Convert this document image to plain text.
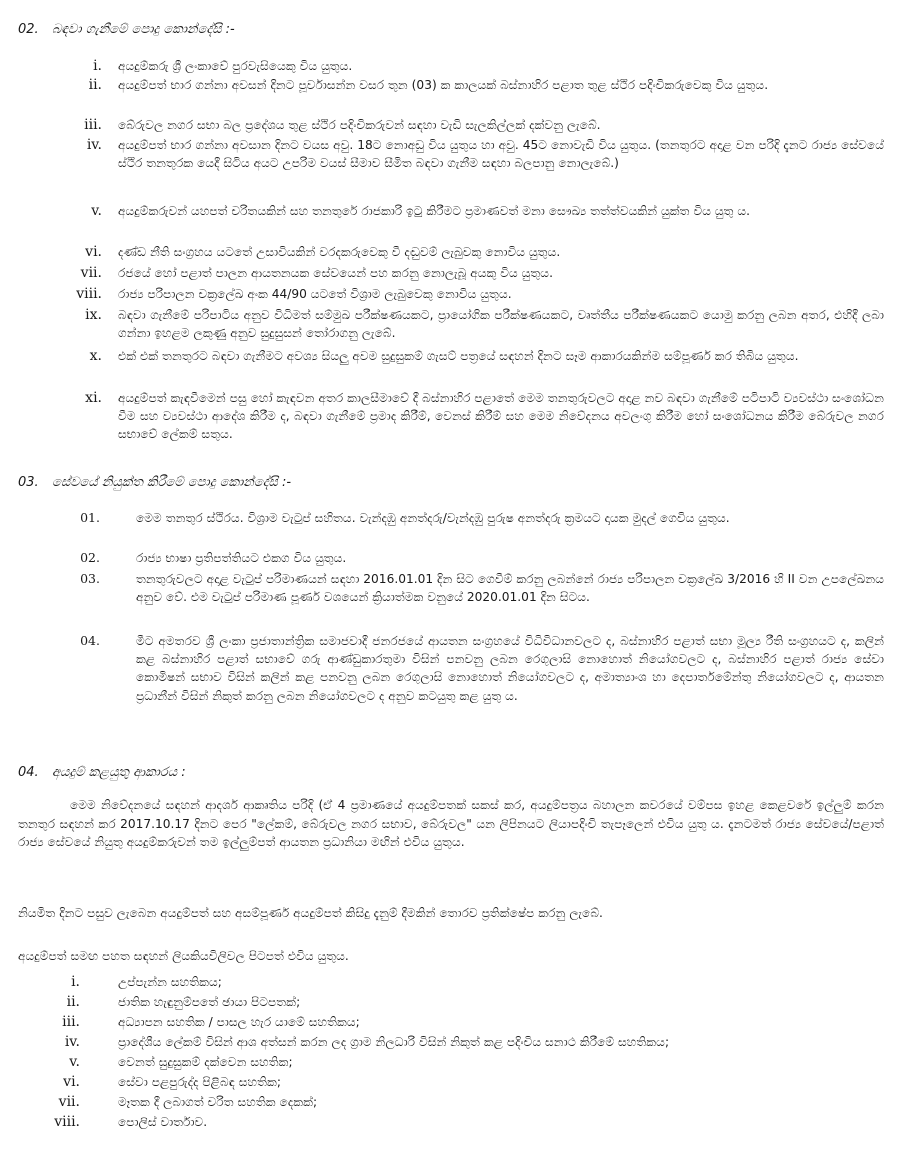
02. බඳවා ගැනීමේ පොදු කොන්දේසි :-
i. අයදුම්කරු ශ්‍රී ලංකාවේ පුරවැසියෙකු විය යුතුය.
ii. අයදුම්පත් භාර ගන්නා අවසන් දිනට පූර්වාසන්න වසර තුන (03) ක කාලයක් බස්නාහිර පළාත තුළ ස්ථිර පදිංචිකරුවෙකු විය යුතුය.
iii. බේරුවල නගර සභා බල ප්‍රදේශය තුළ ස්ථිර පදිංචිකරුවන් සඳහා වැඩි සැලකිල්ලක් දක්වනු ලැබේ.
iv. අයදුම්පත් භාර ගන්නා අවසාන දිනට වයස අවු. 18ට නොඅඩු විය යුතුය හා අවු. 45ට නොවැඩි විය යුතුය. (තනතුරට අදාළ වන පරිදි දැනට රාජ්‍ය සේවයේ ස්ථිර තනතුරක යෙදී සිටිය අයට උපරිම වයස් සීමාව සීමිත බඳවා ගැනීම සඳහා බලපානු නොලැබේ.)
v. අයදුම්කරුවන් යහපත් චරිතයකින් සහ තනතුරේ රාජකාරි ඉටු කිරීමට ප්‍රමාණවත් මනා සෞඛ්‍ය තත්ත්වයකින් යුක්ත විය යුතු ය.
vi. දණ්ඩ නීති සංග්‍රහය යටතේ උසාවියකින් වරදකරුවෙකු වී දඬුවම් ලැබුවකු නොවිය යුතුය.
vii. රජයේ හෝ පළාත් පාලන ආයතනයක සේවයෙන් පහ කරනු නොලැබූ අයකු විය යුතුය.
viii. රාජ්‍ය පරිපාලන චක්‍රලේඛ අංක 44/90 යටතේ විශ්‍රාම ලැබුවෙකු නොවිය යුතුය.
ix. බඳවා ගැනීමේ පරිපාටිය අනුව විධිමත් සම්මුඛ පරීක්ෂණයකට, ප්‍රායෝගික පරීක්ෂණයකට, වෘත්තීය පරීක්ෂණයකට යොමු කරනු ලබන අතර, එහිදී ලබා ගන්නා ඉහළම ලකුණු අනුව සුදුසුසන් තෝරාගනු ලැබේ.
x. එක් එක් තනතුරට බඳවා ගැනීමට අවශ්‍ය සියලු අවම සුදුසුකම් ගැසට් පත්‍රයේ සඳහන් දිනට සෑම ආකාරයකින්ම සම්පූර්ණ කර තිබිය යුතුය.
xi. අයදුම්පත් කැඳවීමෙන් පසු හෝ කැඳවන අතර කාලසීමාවේ දී බස්නාහිර පළාතේ මෙම තනතුරුවලට අදාළ නව බඳවා ගැනීමේ පටිපාටි ව්‍යවස්ථා සංශෝධන වීම සහ ව්‍යවස්ථා ආදේශ කිරීම ද, බඳවා ගැනීමේ ප්‍රමාද කිරීම්, වෙනස් කිරීම් සහ මෙම නිවේදනය අවලංගු කිරීම හෝ සංශෝධනය කිරීම බේරුවල නගර සභාවේ ලේකම් සතුය.
03. සේවයේ නියුක්ත කිරීමේ පොදු කොන්දේසි :-
01.	මෙම තනතුර ස්ථිරය. විශ්‍රාම වැටුප් සහිතය. වැන්දඹු අනත්දරු/වැන්දඹු පුරුෂ අනත්දරු ක්‍රමයට දායක මුදල් ගෙවිය යුතුය.
02.	රාජ්‍ය භාෂා ප්‍රතිපත්තියට එකග විය යුතුය.
03.	තනතුරුවලට අදාළ වැටුප් පරිමාණයන් සඳහා 2016.01.01 දින සිට ගෙවීම් කරනු ලබන්නේ රාජ්‍ය පරිපාලන චක්‍රලේඛ 3/2016 හි II වන උපලේඛනය අනුව වේ. එම වැටුප් පරිමාණ පූර්ණ වශයෙන් ක්‍රියාත්මක වනුයේ 2020.01.01 දින සිටය.
04.	මීට අමතරව ශ්‍රී ලංකා ප්‍රජාතාන්ත්‍රික සමාජවාදී ජනරජයේ ආයතන සංග්‍රහයේ විධිවිධානවලට ද, බස්නාහිර පළාත් සභා මූල්‍ය රීති සංග්‍රහයට ද, කලින් කළ බස්නාහිර පළාත් සභාවේ ගරු ආණ්ඩුකාරතුමා විසින් පනවනු ලබන රෙගුලාසි නොහොත් නියෝගවලට ද, බස්නාහිර පළාත් රාජ්‍ය සේවා කොමිෂන් සභාව විසින් කලින් කළ පනවනු ලබන රෙගුලාසි නොහොත් නියෝගවලට ද, අමාත්‍යාංශ හා දෙපාර්තමේන්තු නියෝගවලට ද, ආයතන ප්‍රධානීන් විසින් නිකුත් කරනු ලබන නියෝගවලට ද අනුව කටයුතු කළ යුතු ය.
04. අයදුම් කළයුතු ආකාරය :
මෙම නිවේදනයේ සඳහන් ආදර්ශ ආකෘතිය පරිදි (ඒ 4 ප්‍රමාණයේ අයදුම්පතක් සකස් කර, අයදුම්පත්‍රය බහාලන කවරයේ වම්පස ඉහළ කෙළවරේ ඉල්ලුම් කරන තනතුර සඳහන් කර 2017.10.17 දිනට පෙර "ලේකම්, බේරුවල නගර සභාව, බේරුවල" යන ලිපිනයට ලියාපදිංචි තැපෑලෙන් එවිය යුතු ය. දැනටමත් රාජ්‍ය සේවයේ/පළාත් රාජ්‍ය සේවයේ නියුතු අයදුම්කරුවන් තම ඉල්ලුම්පත් ආයතන ප්‍රධානියා මඟින් එවිය යුතුය.
නියමිත දිනට පසුව ලැබෙන අයදුම්පත් සහ අසම්පූර්ණ අයදුම්පත් කිසිදු දැනුම් දීමකින් තොරව ප්‍රතික්ෂේප කරනු ලැබේ.
අයදුම්පත් සමඟ පහත සඳහන් ලියකියවිලිවල පිටපත් එවිය යුතුය.
i.	උප්පැන්න සහතිකය;
ii.	ජාතික හැඳුනුම්පතේ ඡායා පිටපතක්;
iii.	අධ්‍යාපන සහතික / පාසල හැර යාමේ සහතිකය;
iv.	ප්‍රාදේශීය ලේකම් විසින් ආශ අත්සන් කරන ලද ග්‍රාම නිලධාරි විසින් නිකුත් කළ පදිංචිය සනාථ කිරීමේ සහතිකය;
v.	වෙනත් සුදුසුකම් දක්වෙන සහතික;
vi.	සේවා පළපුරුද්ද පිළිබඳ සහතික;
vii.	මෑතක දී ලබාගත් චරිත සහතික දෙකක්;
viii.	පොලිස් වාර්තාව.
